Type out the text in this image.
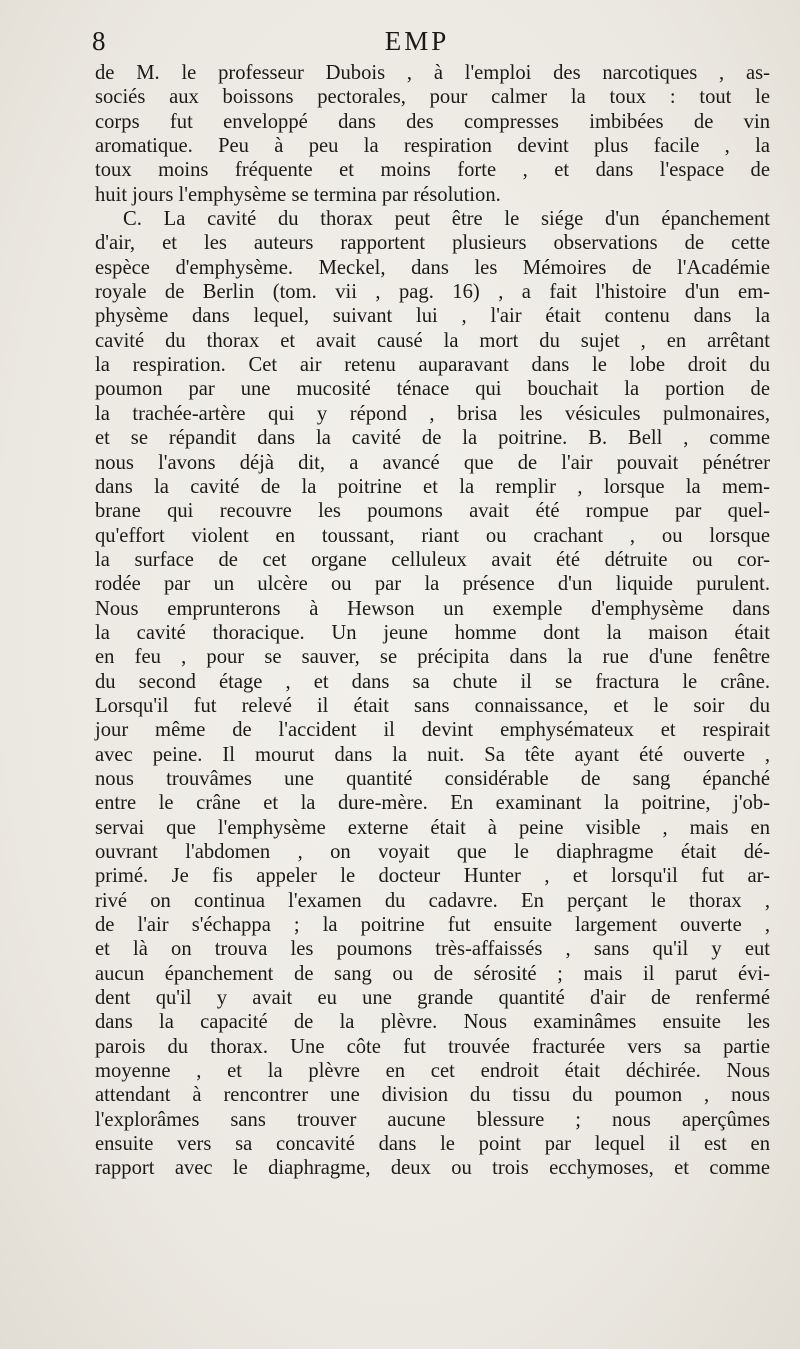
8	EMP
de M. le professeur Dubois , à l'emploi des narcotiques , as-
sociés aux boissons pectorales, pour calmer la toux : tout le
corps fut enveloppé dans des compresses imbibées de vin
aromatique. Peu à peu la respiration devint plus facile , la
toux moins fréquente et moins forte , et dans l'espace de
huit jours l'emphysème se termina par résolution.
C. La cavité du thorax peut être le siége d'un épanchement
d'air, et les auteurs rapportent plusieurs observations de cette
espèce d'emphysème. Meckel, dans les Mémoires de l'Académie
royale de Berlin (tom. vii , pag. 16) , a fait l'histoire d'un em-
physème dans lequel, suivant lui , l'air était contenu dans la
cavité du thorax et avait causé la mort du sujet , en arrêtant
la respiration. Cet air retenu auparavant dans le lobe droit du
poumon par une mucosité ténace qui bouchait la portion de
la trachée-artère qui y répond , brisa les vésicules pulmonaires,
et se répandit dans la cavité de la poitrine. B. Bell , comme
nous l'avons déjà dit, a avancé que de l'air pouvait pénétrer
dans la cavité de la poitrine et la remplir , lorsque la mem-
brane qui recouvre les poumons avait été rompue par quel-
qu'effort violent en toussant, riant ou crachant , ou lorsque
la surface de cet organe celluleux avait été détruite ou cor-
rodée par un ulcère ou par la présence d'un liquide purulent.
Nous emprunterons à Hewson un exemple d'emphysème dans
la cavité thoracique. Un jeune homme dont la maison était
en feu , pour se sauver, se précipita dans la rue d'une fenêtre
du second étage , et dans sa chute il se fractura le crâne.
Lorsqu'il fut relevé il était sans connaissance, et le soir du
jour même de l'accident il devint emphysémateux et respirait
avec peine. Il mourut dans la nuit. Sa tête ayant été ouverte ,
nous trouvâmes une quantité considérable de sang épanché
entre le crâne et la dure-mère. En examinant la poitrine, j'ob-
servai que l'emphysème externe était à peine visible , mais en
ouvrant l'abdomen , on voyait que le diaphragme était dé-
primé. Je fis appeler le docteur Hunter , et lorsqu'il fut ar-
rivé on continua l'examen du cadavre. En perçant le thorax ,
de l'air s'échappa ; la poitrine fut ensuite largement ouverte ,
et là on trouva les poumons très-affaissés , sans qu'il y eut
aucun épanchement de sang ou de sérosité ; mais il parut évi-
dent qu'il y avait eu une grande quantité d'air de renfermé
dans la capacité de la plèvre. Nous examinâmes ensuite les
parois du thorax. Une côte fut trouvée fracturée vers sa partie
moyenne , et la plèvre en cet endroit était déchirée. Nous
attendant à rencontrer une division du tissu du poumon , nous
l'explorâmes sans trouver aucune blessure ; nous aperçûmes
ensuite vers sa concavité dans le point par lequel il est en
rapport avec le diaphragme, deux ou trois ecchymoses, et comme
